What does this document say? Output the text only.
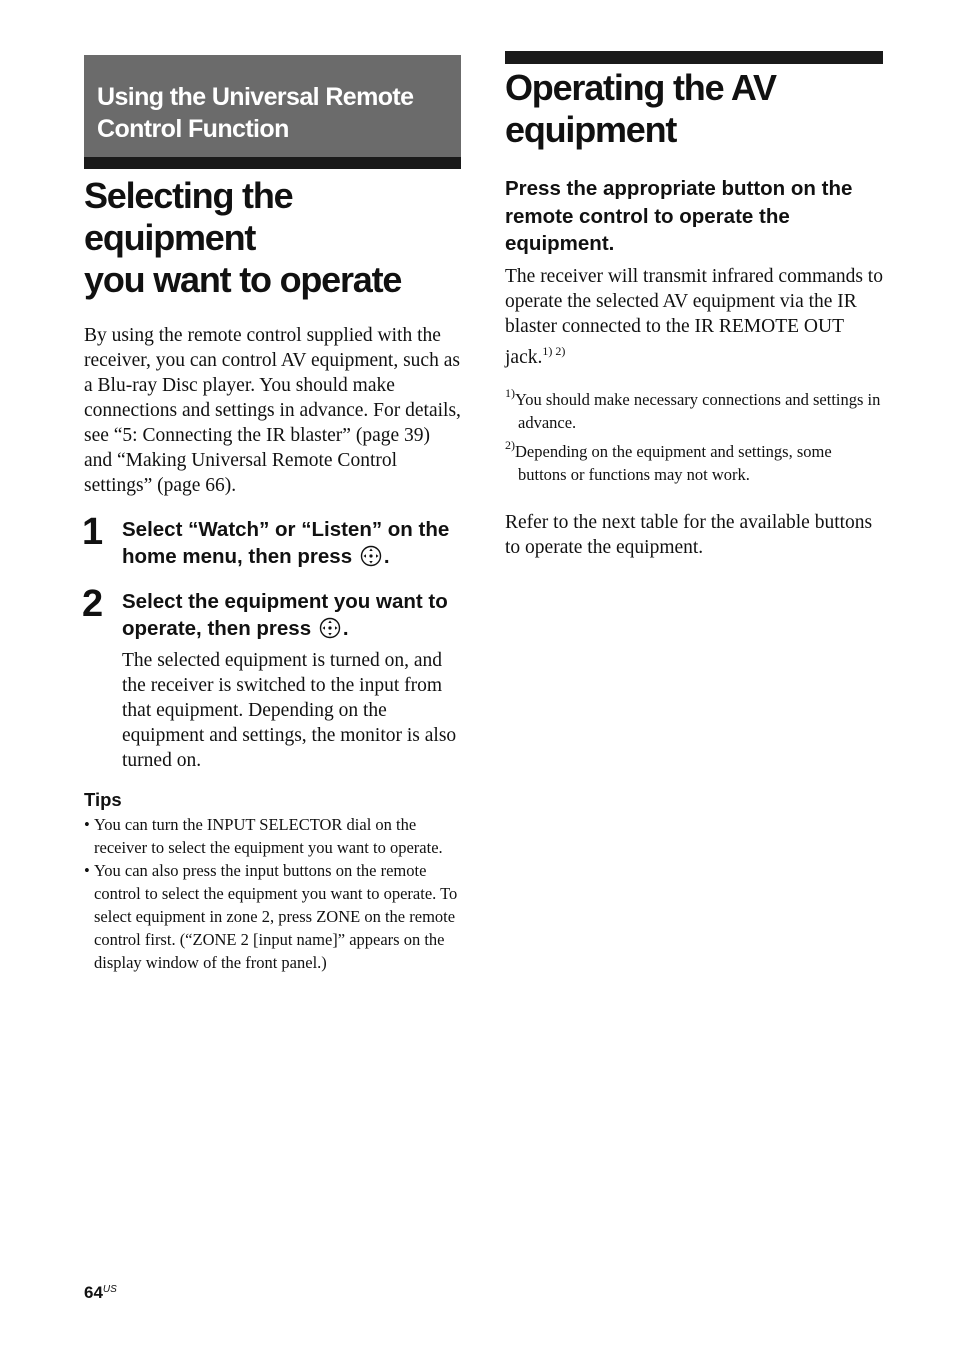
Using the Universal Remote Control Function
Selecting the equipment
you want to operate

By using the remote control supplied with the receiver, you can control AV equipment, such as a Blu-ray Disc player. You should make connections and settings in advance. For details, see “5: Connecting the IR blaster” (page 39) and “Making Universal Remote Control settings” (page 66).

1 Select “Watch” or “Listen” on the home menu, then press .

2 Select the equipment you want to operate, then press .

The selected equipment is turned on, and the receiver is switched to the input from that equipment. Depending on the equipment and settings, the monitor is also turned on.

Tips
• You can turn the INPUT SELECTOR dial on the receiver to select the equipment you want to operate.
• You can also press the input buttons on the remote control to select the equipment you want to operate. To select equipment in zone 2, press ZONE on the remote control first. (“ZONE 2 [input name]” appears on the display window of the front panel.)
Operating the AV
equipment

Press the appropriate button on the remote control to operate the equipment.

The receiver will transmit infrared commands to operate the selected AV equipment via the IR blaster connected to the IR REMOTE OUT jack.$^{1) 2)}$

$^{1)}$You should make necessary connections and settings in advance.
$^{2)}$Depending on the equipment and settings, some buttons or functions may not work.

Refer to the next table for the available buttons to operate the equipment.

$64^{US}$
